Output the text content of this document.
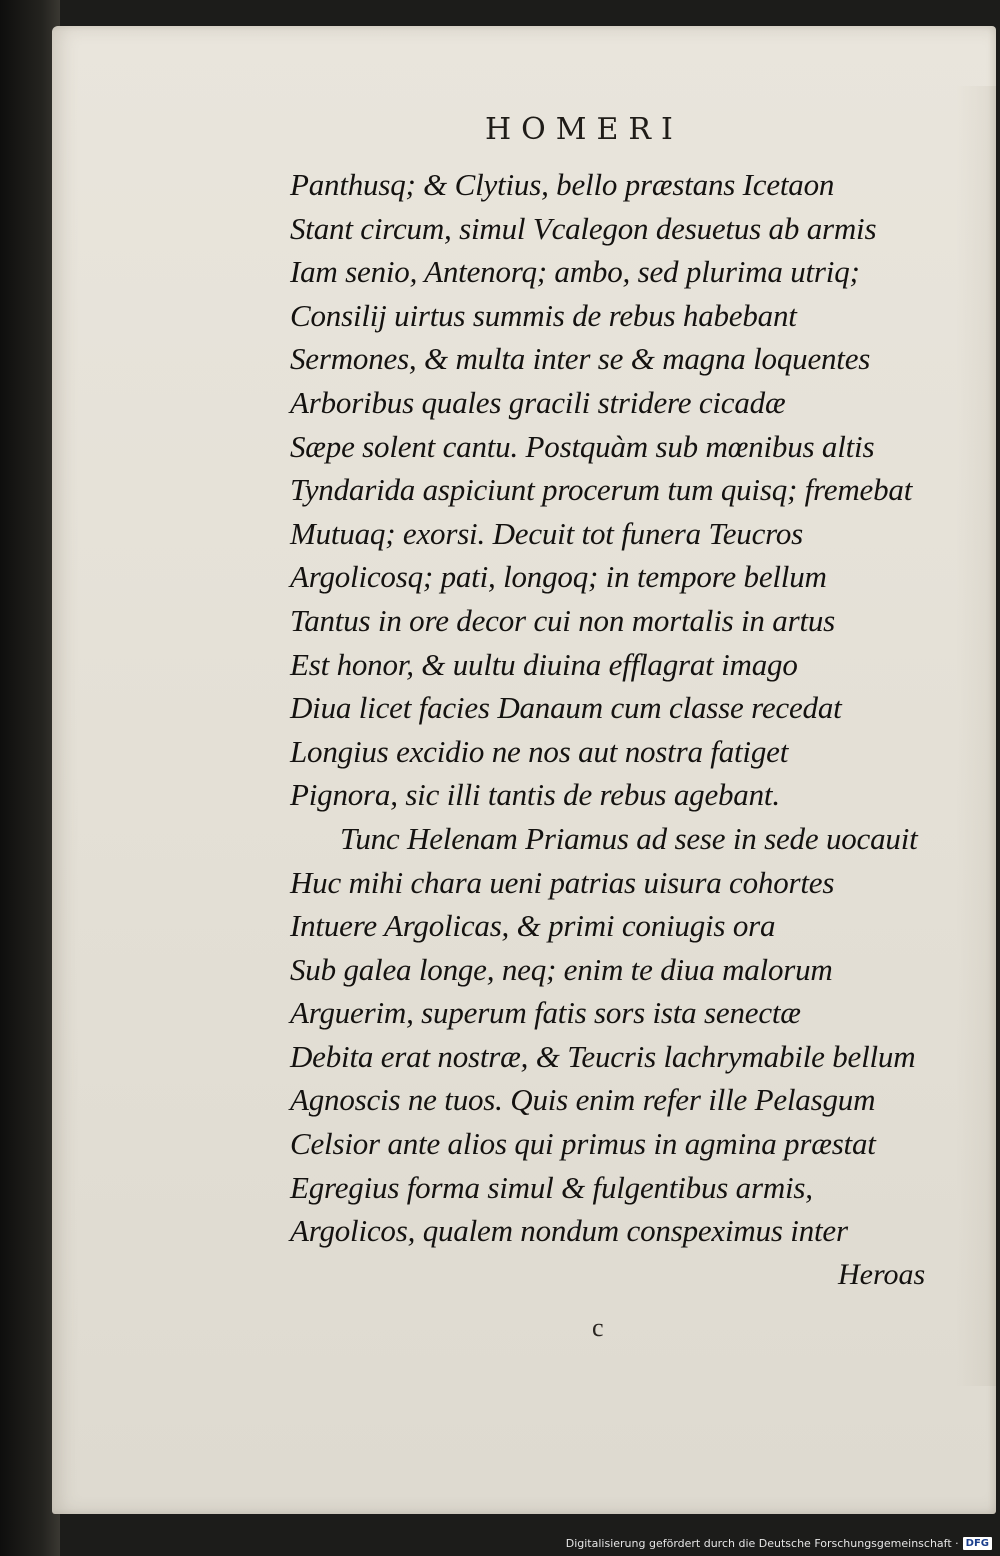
HOMERI
Panthusq; & Clytius, bello præstans Icetaon
Stant circum, simul Vcalegon desuetus ab armis
Iam senio, Antenorq; ambo, sed plurima utriq;
Consilij uirtus summis de rebus habebant
Sermones, & multa inter se & magna loquentes
Arboribus quales gracili stridere cicadæ
Sæpe solent cantu. Postquàm sub mœnibus altis
Tyndarida aspiciunt procerum tum quisq; fremebat
Mutuaq; exorsi. Decuit tot funera Teucros
Argolicosq; pati, longoq; in tempore bellum
Tantus in ore decor cui non mortalis in artus
Est honor, & uultu diuina efflagrat imago
Diua licet facies Danaum cum classe recedat
Longius excidio ne nos aut nostra fatiget
Pignora, sic illi tantis de rebus agebant.
Tunc Helenam Priamus ad sese in sede uocauit
Huc mihi chara ueni patrias uisura cohortes
Intuere Argolicas, & primi coniugis ora
Sub galea longe, neq; enim te diua malorum
Arguerim, superum fatis sors ista senectæ
Debita erat nostræ, & Teucris lachrymabile bellum
Agnoscis ne tuos. Quis enim refer ille Pelasgum
Celsior ante alios qui primus in agmina præstat
Egregius forma simul & fulgentibus armis,
Argolicos, qualem nondum conspeximus inter
Heroas
c
Digitalisierung gefördert durch die Deutsche Forschungsgemeinschaft · DFG
